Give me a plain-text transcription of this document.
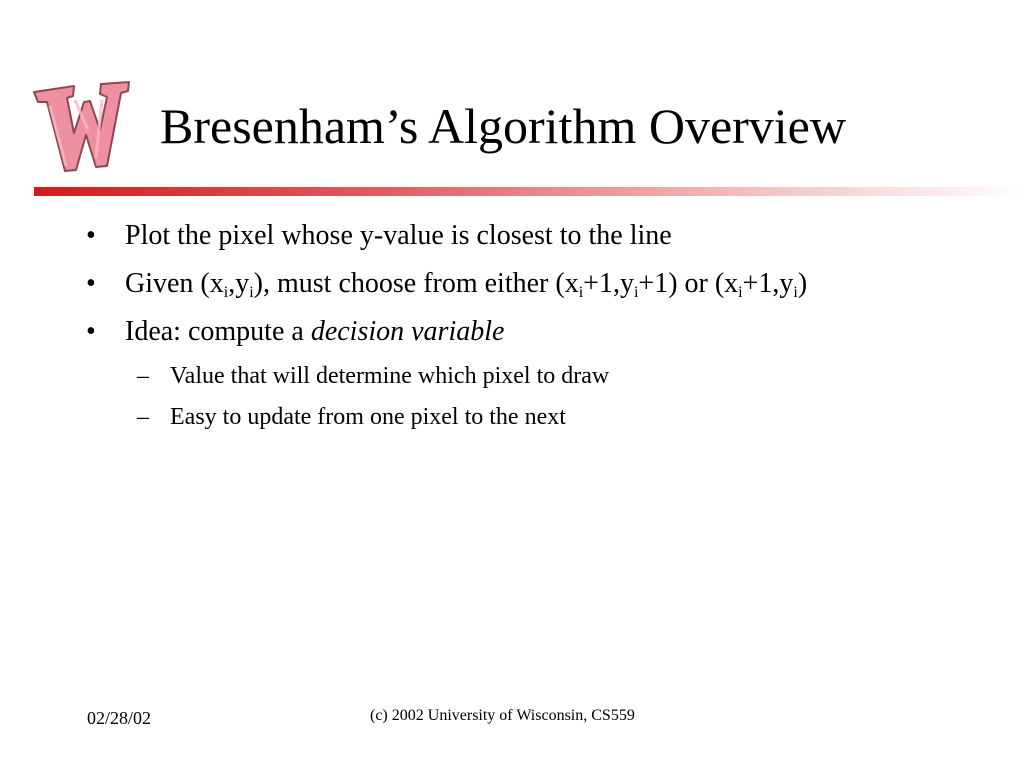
Bresenham’s Algorithm Overview
• Plot the pixel whose y-value is closest to the line
• Given $(x_i,y_i)$, must choose from either $(x_i+1,y_i+1)$ or $(x_i+1,y_i)$
• Idea: compute a decision variable
– Value that will determine which pixel to draw
– Easy to update from one pixel to the next
02/28/02	(c) 2002 University of Wisconsin, CS559
